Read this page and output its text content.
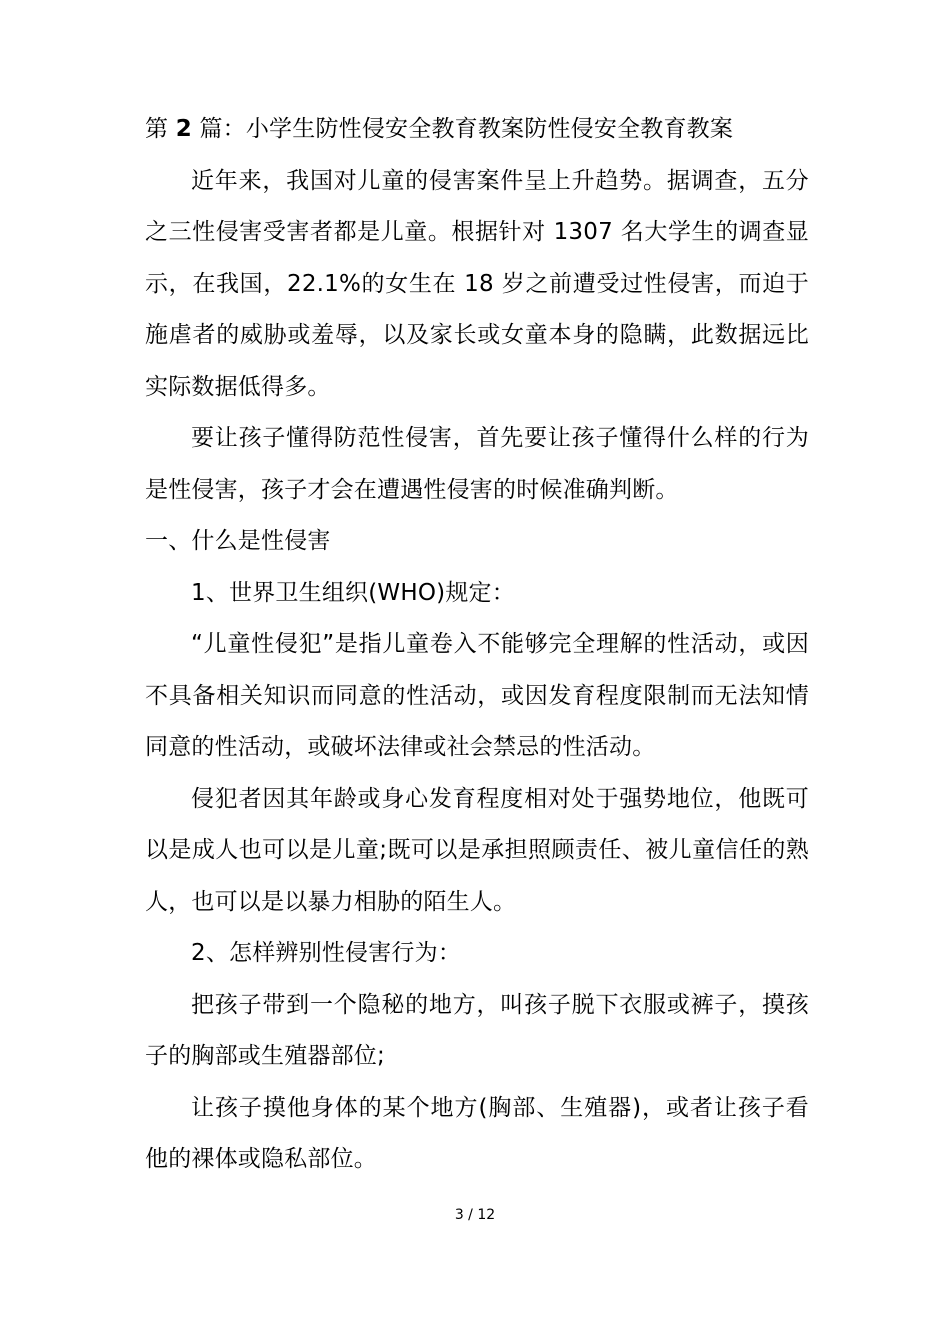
第 2 篇：小学生防性侵安全教育教案防性侵安全教育教案

近年来，我国对儿童的侵害案件呈上升趋势。据调查，五分之三性侵害受害者都是儿童。根据针对 1307 名大学生的调查显示，在我国，22.1%的女生在 18 岁之前遭受过性侵害，而迫于施虐者的威胁或羞辱，以及家长或女童本身的隐瞒，此数据远比实际数据低得多。

要让孩子懂得防范性侵害，首先要让孩子懂得什么样的行为是性侵害，孩子才会在遭遇性侵害的时候准确判断。

一、什么是性侵害

1、世界卫生组织(WHO)规定：

“儿童性侵犯”是指儿童卷入不能够完全理解的性活动，或因不具备相关知识而同意的性活动，或因发育程度限制而无法知情同意的性活动，或破坏法律或社会禁忌的性活动。

侵犯者因其年龄或身心发育程度相对处于强势地位，他既可以是成人也可以是儿童;既可以是承担照顾责任、被儿童信任的熟人，也可以是以暴力相胁的陌生人。

2、怎样辨别性侵害行为：

把孩子带到一个隐秘的地方，叫孩子脱下衣服或裤子，摸孩子的胸部或生殖器部位;

让孩子摸他身体的某个地方(胸部、生殖器)，或者让孩子看他的裸体或隐私部位。

3 / 12
